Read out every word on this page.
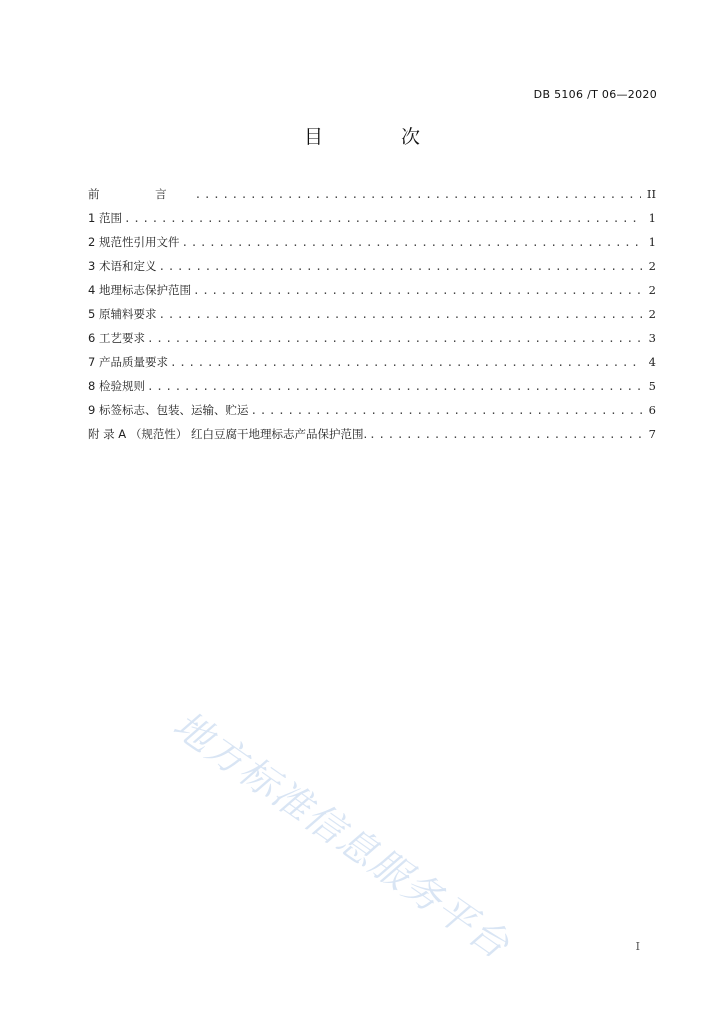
DB 5106 /T 06—2020
目 次
前 言 .....	II
1 范围 .....	1
2 规范性引用文件 .....	1
3 术语和定义 .....	2
4 地理标志保护范围 .....	2
5 原辅料要求 .....	2
6 工艺要求 .....	3
7 产品质量要求 .....	4
8 检验规则 .....	5
9 标签标志、包装、运输、贮运 .....	6
附 录 A （规范性） 红白豆腐干地理标志产品保护范围. .....	7
地方标准信息服务平台	I
